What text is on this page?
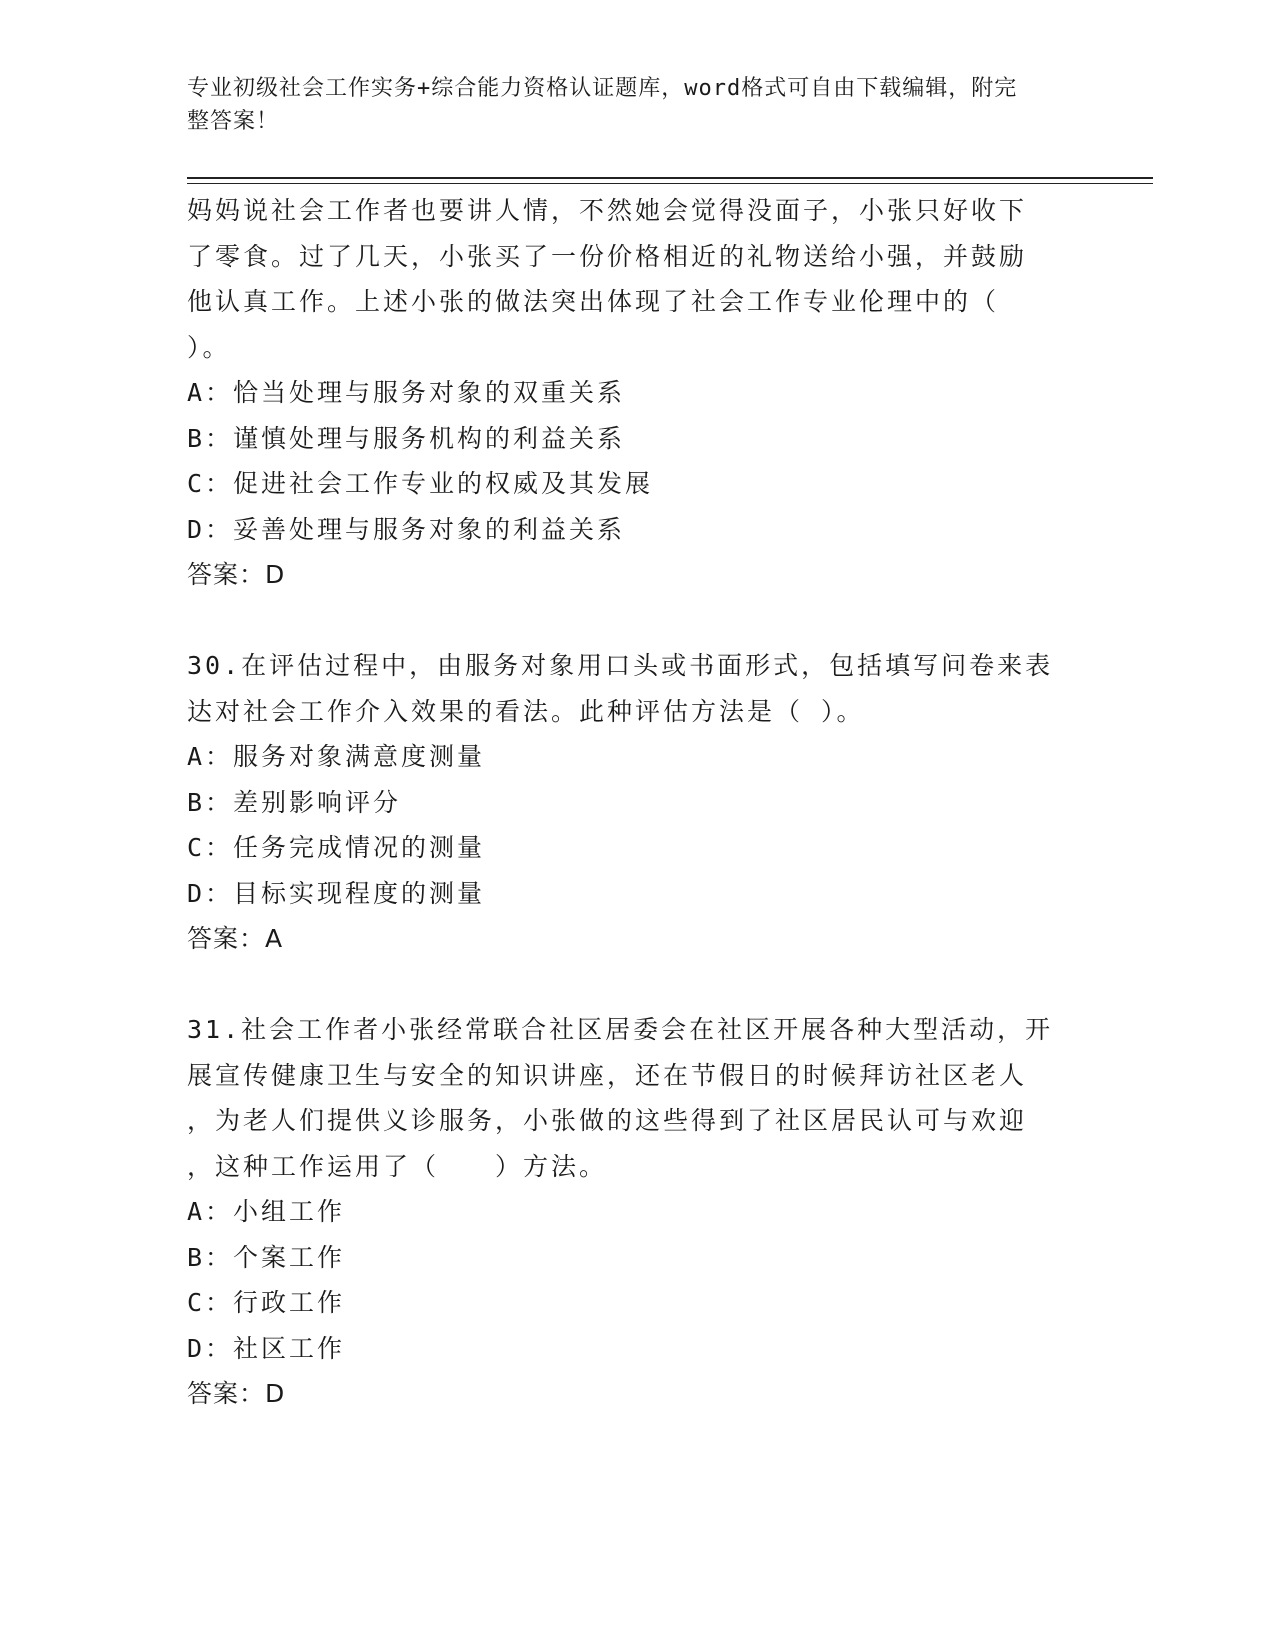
专业初级社会工作实务+综合能力资格认证题库，word格式可自由下载编辑，附完
整答案！
妈妈说社会工作者也要讲人情，不然她会觉得没面子，小张只好收下
了零食。过了几天，小张买了一份价格相近的礼物送给小强，并鼓励
他认真工作。上述小张的做法突出体现了社会工作专业伦理中的（
）。
A：恰当处理与服务对象的双重关系
B：谨慎处理与服务机构的利益关系
C：促进社会工作专业的权威及其发展
D：妥善处理与服务对象的利益关系
答案：D
30.在评估过程中，由服务对象用口头或书面形式，包括填写问卷来表
达对社会工作介入效果的看法。此种评估方法是（ ）。
A：服务对象满意度测量
B：差别影响评分
C：任务完成情况的测量
D：目标实现程度的测量
答案：A
31.社会工作者小张经常联合社区居委会在社区开展各种大型活动，开
展宣传健康卫生与安全的知识讲座，还在节假日的时候拜访社区老人
，为老人们提供义诊服务，小张做的这些得到了社区居民认可与欢迎
，这种工作运用了（　　）方法。
A：小组工作
B：个案工作
C：行政工作
D：社区工作
答案：D
